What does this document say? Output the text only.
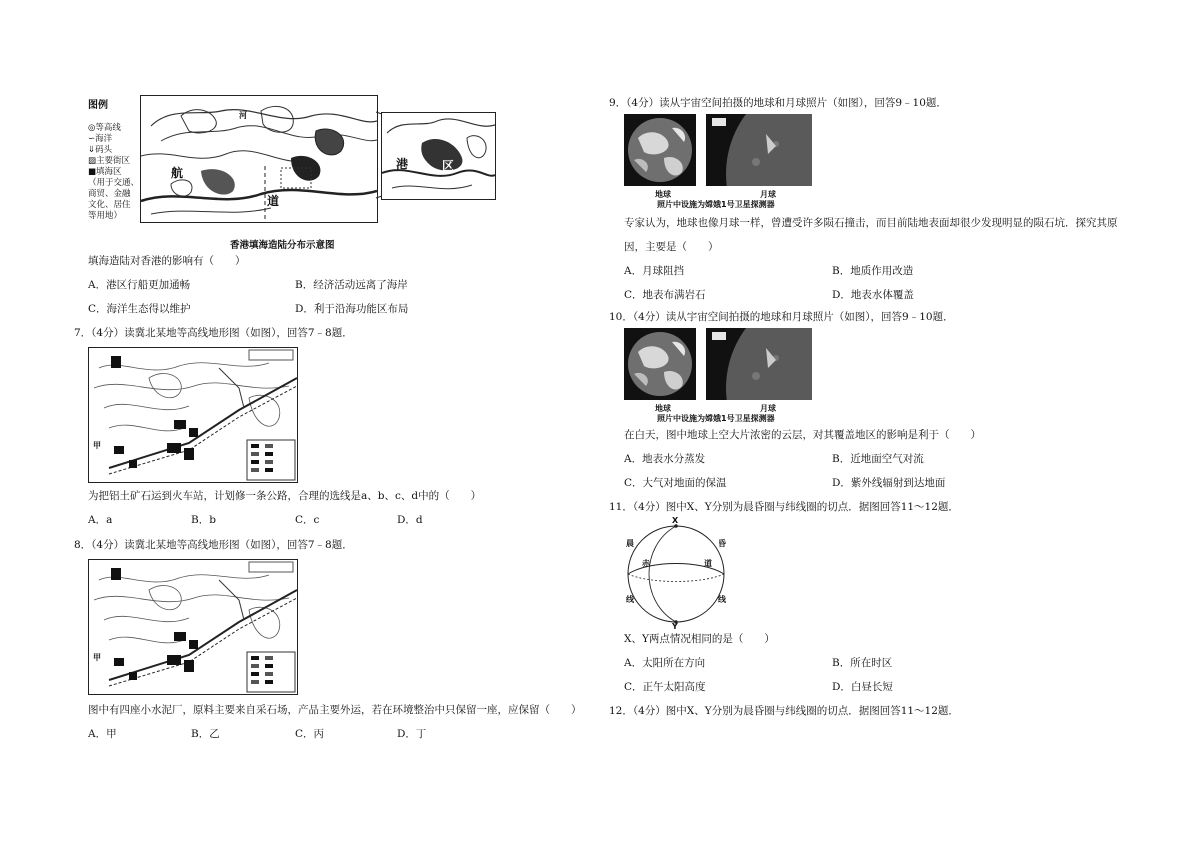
图例
◎等高线
∽海洋
⇓码头
▨主要街区
■填海区
（用于交通、
商贸、金融
文化、居住
等用地）
航
道
河
港	区
香港填海造陆分布示意图
填海造陆对香港的影响有（　　）
A．港区行船更加通畅	B．经济活动远离了海岸
C．海洋生态得以维护	D．利于沿海功能区布局
7．（4分）读冀北某地等高线地形图（如图），回答7﹣8题．
甲
为把铝土矿石运到火车站，计划修一条公路，合理的选线是a、b、c、d中的（　　）
A．a	B．b	C．c	D．d
8．（4分）读冀北某地等高线地形图（如图），回答7﹣8题．
甲
图中有四座小水泥厂，原料主要来自采石场，产品主要外运，若在环境整治中只保留一座，应保留（　　）
A．甲	B．乙	C．丙	D．丁
9．（4分）读从宇宙空间拍摄的地球和月球照片（如图），回答9﹣10题．
地球	月球
照片中设施为嫦娥1号卫星探测器
专家认为，地球也像月球一样，曾遭受许多陨石撞击，而目前陆地表面却很少发现明显的陨石坑．探究其原
因，主要是（　　）
A．月球阻挡	B．地质作用改造
C．地表布满岩石	D．地表水体覆盖
10．（4分）读从宇宙空间拍摄的地球和月球照片（如图），回答9﹣10题．
地球	月球
照片中设施为嫦娥1号卫星探测器
在白天，图中地球上空大片浓密的云层，对其覆盖地区的影响是利于（　　）
A．地表水分蒸发	B．近地面空气对流
C．大气对地面的保温	D．紫外线辐射到达地面
11．（4分）图中X、Y分别为晨昏圈与纬线圈的切点．据图回答11～12题．
X
Y
晨	昏
赤	道
线	线
X、Y两点情况相同的是（　　）
A．太阳所在方向	B．所在时区
C．正午太阳高度	D．白昼长短
12．（4分）图中X、Y分别为晨昏圈与纬线圈的切点．据图回答11～12题．
